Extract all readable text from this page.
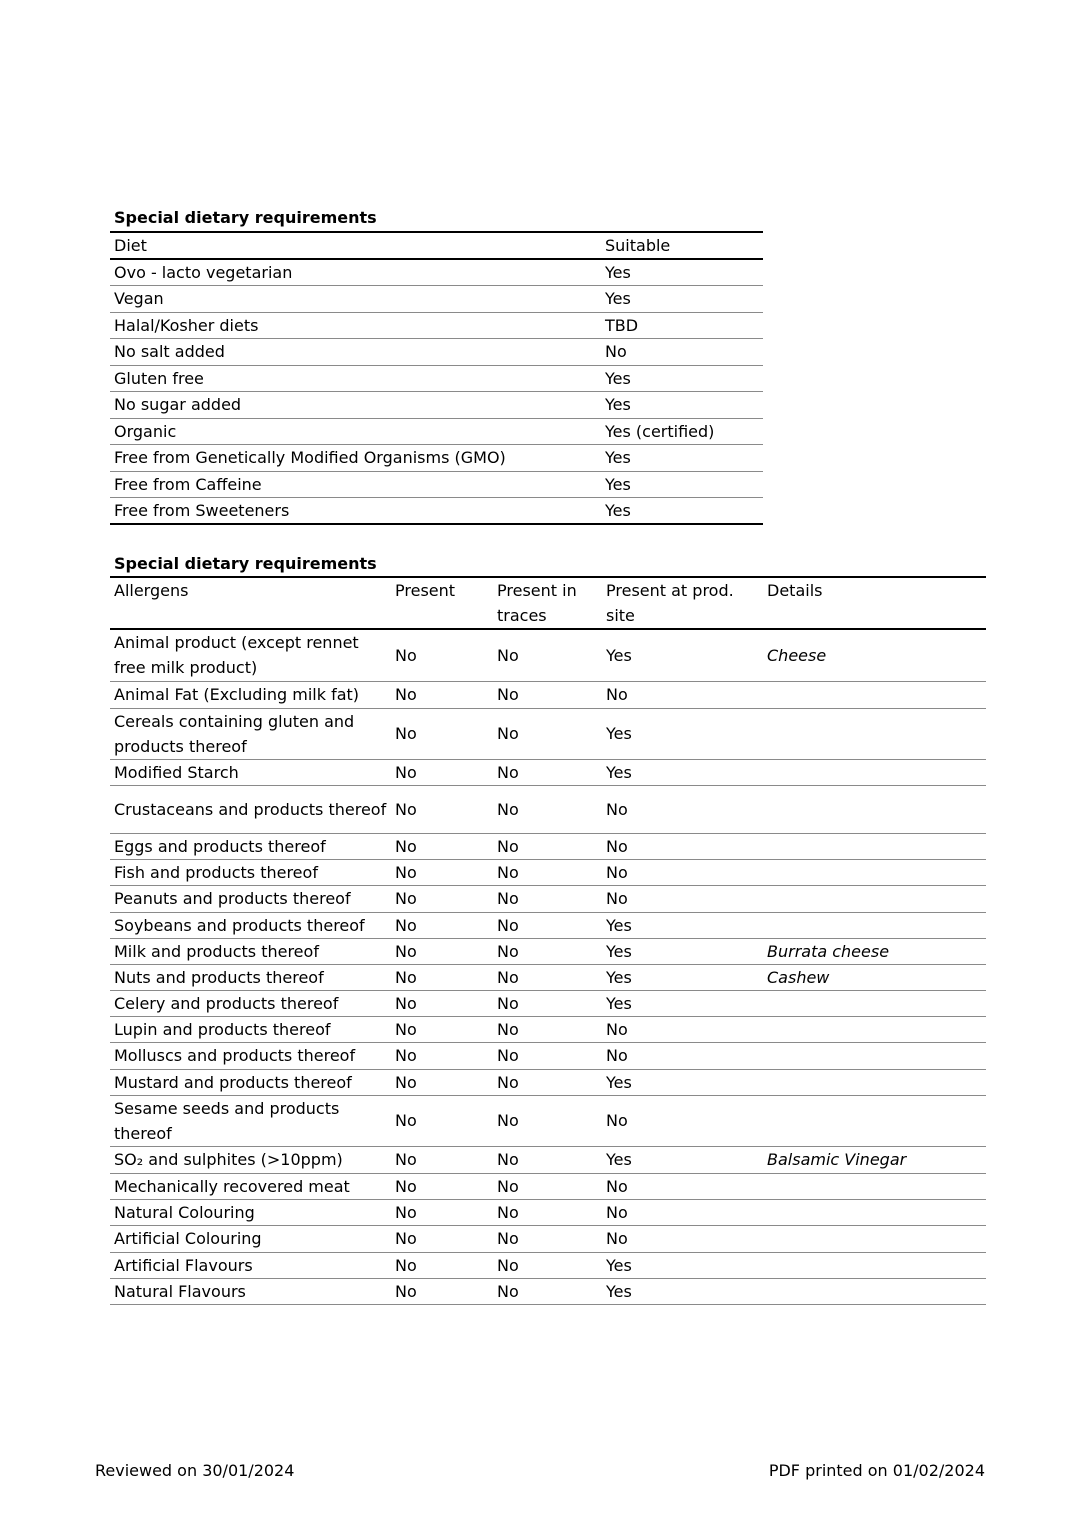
Special dietary requirements
Diet	Suitable
Ovo - lacto vegetarian	Yes
Vegan	Yes
Halal/Kosher diets	TBD
No salt added	No
Gluten free	Yes
No sugar added	Yes
Organic	Yes (certified)
Free from Genetically Modified Organisms (GMO)	Yes
Free from Caffeine	Yes
Free from Sweeteners	Yes
Special dietary requirements
Allergens	Present	Present in traces	Present at prod. site	Details
Animal product (except rennet free milk product)	No	No	Yes	Cheese
Animal Fat (Excluding milk fat)	No	No	No	
Cereals containing gluten and products thereof	No	No	Yes	
Modified Starch	No	No	Yes	
Crustaceans and products thereof	No	No	No	
Eggs and products thereof	No	No	No	
Fish and products thereof	No	No	No	
Peanuts and products thereof	No	No	No	
Soybeans and products thereof	No	No	Yes	
Milk and products thereof	No	No	Yes	Burrata cheese
Nuts and products thereof	No	No	Yes	Cashew
Celery and products thereof	No	No	Yes	
Lupin and products thereof	No	No	No	
Molluscs and products thereof	No	No	No	
Mustard and products thereof	No	No	Yes	
Sesame seeds and products thereof	No	No	No	
SO₂ and sulphites (>10ppm)	No	No	Yes	Balsamic Vinegar
Mechanically recovered meat	No	No	No	
Natural Colouring	No	No	No	
Artificial Colouring	No	No	No	
Artificial Flavours	No	No	Yes	
Natural Flavours	No	No	Yes	
Reviewed on 30/01/2024	PDF printed on 01/02/2024
